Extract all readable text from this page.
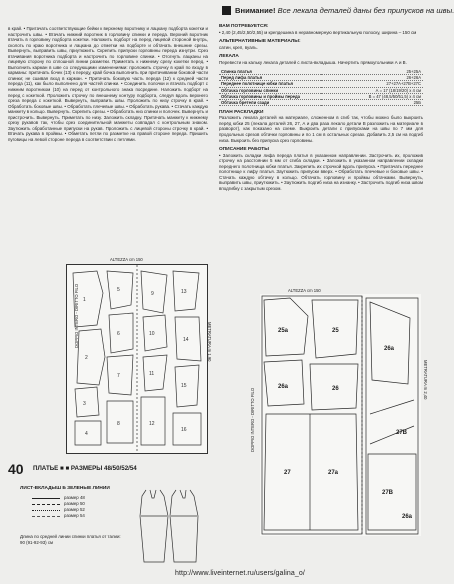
Внимание! Все лекала деталей даны без припусков на швы.

в край. • Притачать соответствующие бейки к верхнему воротнику и лацкану подборта кокетки и настрочить швы. • Втачать нижний воротник в горловину спинки и переда. Верхний воротник втачать в горловину подборта кокетки. Наложить подборт на перед лицевой стороной внутрь, сколоть по краю воротника и лацкана до отметки на подборте и обтачать внешние срезы. Вывернуть, выправить швы, приутюжить. Скрепить припуски горловины переда изнутри. Срез втачивания воротника подборта и настрочить по горловине спинки. • Отогнуть лацканы на лицевую сторону по сплошной линии разметки. Приметать к нижнему срезу кокетки перед. • Выполнить карман в шве со следующими изменениями: проложить строчку в край по входу в карманы: притачать бочек (13) к переду, край бочка выполнить при притачивании боковой части спинки; не сшивая вход в карман. • Притачать боковую часть переда (12) к средней части переда (11), как было выполнено для частей спинки. • Соединить полочки и втачать подборт с нижним воротником (10) на перед от контрольного знака посредине. Наложить подборт на перед с кокеткой. Проложить строчку по внешнему контуру подборта, следуя вдоль верхнего среза переда с кокеткой. Вывернуть, выправить швы. Проложить по низу строчку в край. • Обработать боковые швы. • Обработать плечевые швы. • Обработать рукава. • Стачать каждую манжету в кольцо. Вывернуть. Скрепить срезы. • Обработать низ спинки и полочек. Вывернуть и пристрочить. Вывернуть. Приметать по низу. Заложить складку. Притачать манжету к нижнему срезу рукавов так, чтобы срез соединительной манжеты совпадал с контрольным знаком. Заутюжить обработанные припуски на рукав. Проложить с лицевой стороны строчку в край. • Втачать рукава в проймы. • Обметать петли по разметке на правой стороне переда. Пришить пуговицы на левой стороне переда в соответствии с петлями.

ВАМ ПОТРЕБУЕТСЯ:

• 2,40 (2,45/2,50/2,55) м крепдешина в неравномерную вертикальную полоску, ширина – 150 см

АЛЬТЕРНАТИВНЫЕ МАТЕРИАЛЫ:

сатин, креп, вуаль.

ЛЕКАЛА

Перевести на кальку лекала деталей с листа-вкладыша. Начертить прямоугольники А и В.

Спинка платья	25+25А
Перед лифа платья	26+26А
Переднее полотнище юбки платья	27+27А+27В+27С
Обтачка горловины спинки	А = 17 (18/19/20) х 4 см
Обтачка горловины и проймы переда	В = 47 (48,5/50/51,5) х 4 см
Обтачка бретели сзади	25Б

ПЛАН РАСКЛАДКИ

Разложить лекала деталей на материале, сложенном в сгиб так, чтобы можно было выкроить перёд юбки 25 (лекала деталей 26, 27, А и два раза лекало детали В разложить на материале в разворот), как показано на схеме. Выкроить детали с припусками на швы по 7 мм для продольных срезов обтачки горловины и по 1 см в остальных срезах. Добавить 2,5 см на подгиб низа. Выкроить без припуска срез горловины.

ОПИСАНИЕ РАБОТЫ

• Заложить складки лифа переда платья в указанном направлении. Застрочить их, проложив строчку на расстоянии 5 мм от сгиба складки. • Заложить в указанном направлении складки переднего полотнища юбки платья. Закрепить их строчкой вдоль припуска. • Притачать переднее полотнище к лифу платья. Заутюжить припуски вверх. • Обработать плечевые и боковые швы. • Стачать каждую обтачку в кольцо. Обтачать горловину и проймы обтачками. Вывернуть, выправить швы, приутюжить. • Заутюжить подгиб низа на изнанку. • Застрочить подгиб низа швом вподгибку с закрытым срезом.

ALTEZZA cm 150
1
2
3
4
5
6
7
8
9
10
11
12
13
14
15
16
DOPPIO INTERO - DIRITTO FILO	METRATURA m 1,90
ALTEZZA cm 150
25a	25
26a	26
27	27a
27B
27B
26a
26a
DOPPIO INTERO - DIRITTO FILO
METRATURA m 2,40
40 ПЛАТЬЕ ■ ■ РАЗМЕРЫ 48/50/52/54
ЛИСТ-ВКЛАДЫШ Б ЗЕЛЕНЫЕ ЛИНИИ
размер 48
размер 50
размер 52
размер 54
Длина по средней линии спинки платья от талии:
90 (91-92-93) см
http://www.liveinternet.ru/users/galina_o/
